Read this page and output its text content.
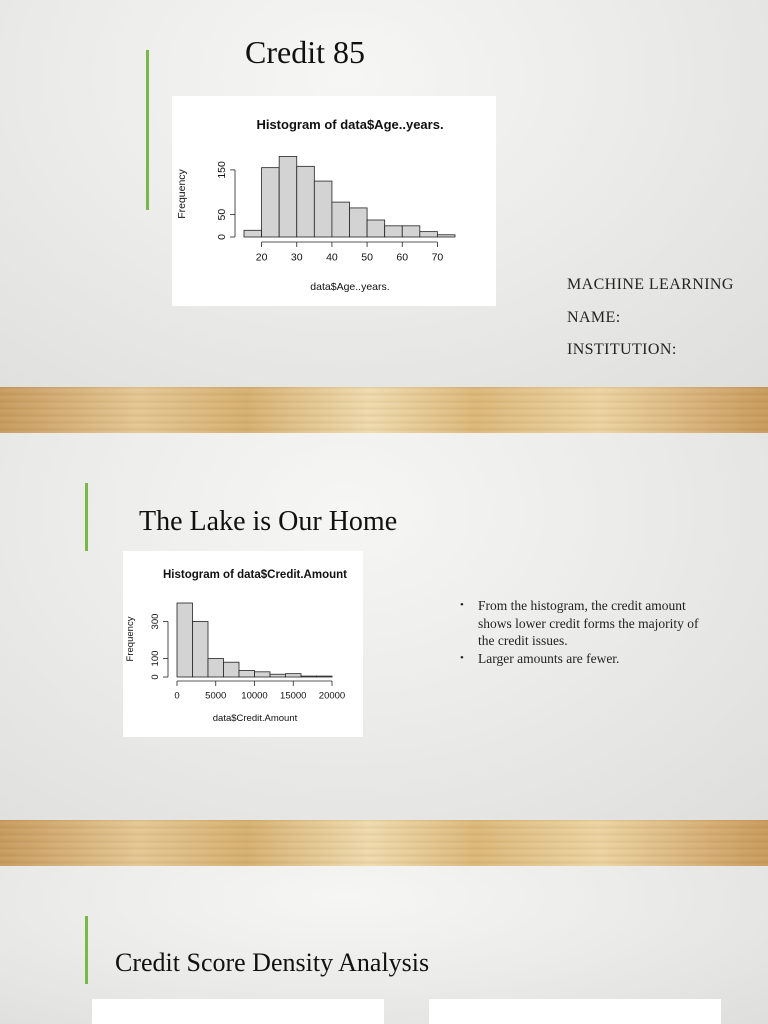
Credit 85
Histogram of data$Age..years.
20 30 40 50 60 70
0
50
150
data$Age..years.
Frequency
MACHINE LEARNING
NAME:
INSTITUTION:
The Lake is Our Home
Histogram of data$Credit.Amount
0	5000 10000 15000 20000
0
100
300
data$Credit.Amount
Frequency
• From the histogram, the credit amount shows lower credit forms the majority of the credit issues.
• Larger amounts are fewer.
Credit Score Density Analysis
